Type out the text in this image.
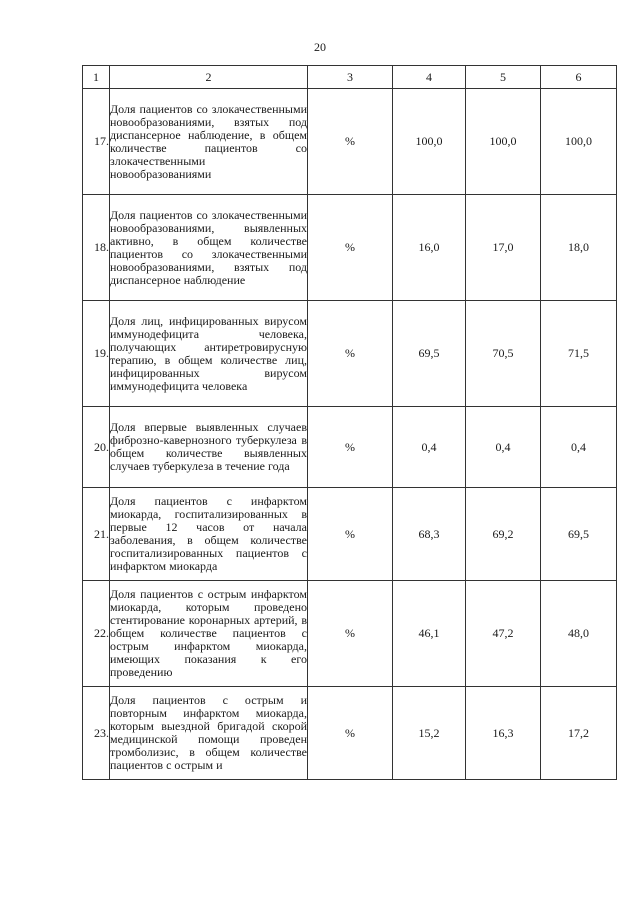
20
1	2	3	4	5	6
17.	Доля пациентов со злокачественными новообразованиями, взятых под диспансерное наблюдение, в общем количестве пациентов со злокачественными новообразованиями	%	100,0	100,0	100,0
18.	Доля пациентов со злокачественными новообразованиями, выявленных активно, в общем количестве пациентов со злокачественными новообразованиями, взятых под диспансерное наблюдение	%	16,0	17,0	18,0
19.	Доля лиц, инфицированных вирусом иммунодефицита человека, получающих антиретровирусную терапию, в общем количестве лиц, инфицированных вирусом иммунодефицита человека	%	69,5	70,5	71,5
20.	Доля впервые выявленных случаев фиброзно-кавернозного туберкулеза в общем количестве выявленных случаев туберкулеза в течение года	%	0,4	0,4	0,4
21.	Доля пациентов с инфарктом миокарда, госпитализированных в первые 12 часов от начала заболевания, в общем количестве госпитализированных пациентов с инфарктом миокарда	%	68,3	69,2	69,5
22.	Доля пациентов с острым инфарктом миокарда, которым проведено стентирование коронарных артерий, в общем количестве пациентов с острым инфарктом миокарда, имеющих показания к его проведению	%	46,1	47,2	48,0
23.	Доля пациентов с острым и повторным инфарктом миокарда, которым выездной бригадой скорой медицинской помощи проведен тромболизис, в общем количестве пациентов с острым и	%	15,2	16,3	17,2
